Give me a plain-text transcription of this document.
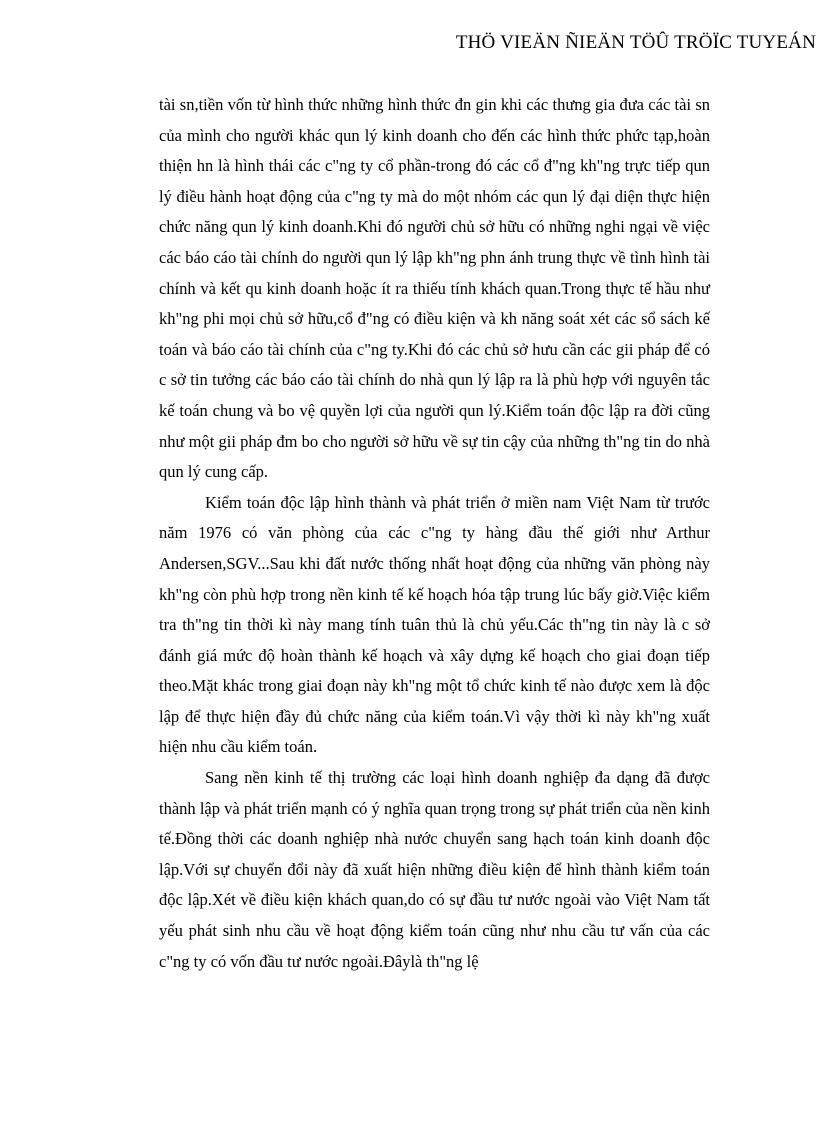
THÖ VIEÄN ÑIEÄN TÖÛ TRÖÏC TUYEÁN

tài sn,tiền vốn từ hình thức những hình thức đn gin khi các thưng gia đưa các tài sn của mình cho người khác qun lý kinh doanh cho đến các hình thức phức tạp,hoàn thiện hn là hình thái các c"ng ty cổ phần-trong đó các cổ đ"ng kh"ng trực tiếp qun lý điều hành hoạt động của c"ng ty mà do một nhóm các qun lý đại diện thực hiện chức năng qun lý kinh doanh.Khi đó người chủ sở hữu có những nghi ngại về việc các báo cáo tài chính do người qun lý lập kh"ng phn ánh trung thực về tình hình tài chính và kết qu kinh doanh hoặc ít ra thiếu tính khách quan.Trong thực tế hầu như kh"ng phi mọi chủ sở hữu,cổ đ"ng có điều kiện và kh năng soát xét các sổ sách kế toán và báo cáo tài chính của c"ng ty.Khi đó các chủ sở hưu cần các gii pháp để có c sở tin tưởng các báo cáo tài chính do nhà qun lý lập ra là phù hợp với nguyên tắc kế toán chung và bo vệ quyền lợi của người qun lý.Kiểm toán độc lập ra đời cũng như một gii pháp đm bo cho người sở hữu về sự tin cậy của những th"ng tin do nhà qun lý cung cấp.

Kiểm toán độc lập hình thành và phát triển ở miền nam Việt Nam từ trước năm 1976 có văn phòng của các c"ng ty hàng đầu thế giới như Arthur Andersen,SGV...Sau khi đất nước thống nhất hoạt động của những văn phòng này kh"ng còn phù hợp trong nền kinh tế kế hoạch hóa tập trung lúc bấy giờ.Việc kiểm tra th"ng tin thời kì này mang tính tuân thủ là chủ yếu.Các th"ng tin này là c sở đánh giá mức độ hoàn thành kế hoạch và xây dựng kế hoạch cho giai đoạn tiếp theo.Mặt khác trong giai đoạn này kh"ng một tổ chức kinh tế nào được xem là độc lập để thực hiện đầy đủ chức năng của kiểm toán.Vì vậy thời kì này kh"ng xuất hiện nhu cầu kiểm toán.

Sang nền kinh tế thị trường các loại hình doanh nghiệp đa dạng đã được thành lập và phát triển mạnh có ý nghĩa quan trọng trong sự phát triển của nền kinh tế.Đồng thời các doanh nghiệp nhà nước chuyển sang hạch toán kinh doanh độc lập.Với sự chuyển đổi này đã xuất hiện những điều kiện để hình thành kiểm toán độc lập.Xét về điều kiện khách quan,do có sự đầu tư nước ngoài vào Việt Nam tất yếu phát sinh nhu cầu về hoạt động kiểm toán cũng như nhu cầu tư vấn của các c"ng ty có vốn đầu tư nước ngoài.Đâylà th"ng lệ
